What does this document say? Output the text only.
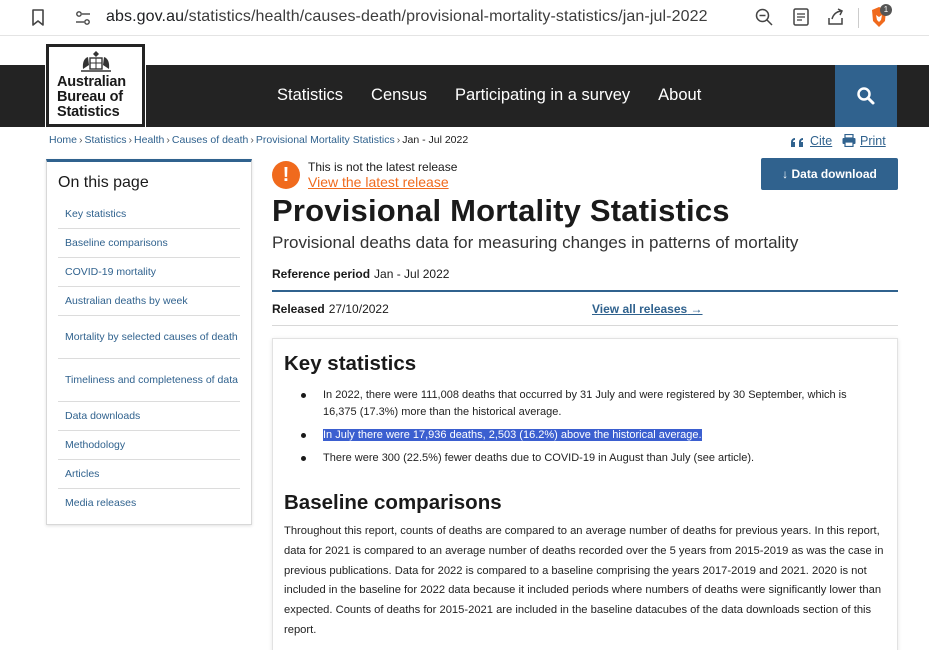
abs.gov.au/statistics/health/causes-death/provisional-mortality-statistics/jan-jul-2022	1
Australian
Bureau of
Statistics
Statistics Census Participating in a survey About
Home › Statistics › Health › Causes of death › Provisional Mortality Statistics › Jan - Jul 2022	Cite Print
On this page
Key statistics
Baseline comparisons
COVID-19 mortality
Australian deaths by week
Mortality by selected causes of death
Timeliness and completeness of data
Data downloads
Methodology
Articles
Media releases
!	This is not the latest release
View the latest release	↓ Data download
Provisional Mortality Statistics
Provisional deaths data for measuring changes in patterns of mortality
Reference period Jan - Jul 2022
Released 27/10/2022	View all releases →
Key statistics
In 2022, there were 111,008 deaths that occurred by 31 July and were registered by 30 September, which is 16,375 (17.3%) more than the historical average.
In July there were 17,936 deaths, 2,503 (16.2%) above the historical average.
There were 300 (22.5%) fewer deaths due to COVID-19 in August than July (see article).
Baseline comparisons

Throughout this report, counts of deaths are compared to an average number of deaths for previous years. In this report, data for 2021 is compared to an average number of deaths recorded over the 5 years from 2015-2019 as was the case in previous publications. Data for 2022 is compared to a baseline comprising the years 2017-2019 and 2021. 2020 is not included in the baseline for 2022 data because it included periods where numbers of deaths were significantly lower than expected. Counts of deaths for 2015-2021 are included in the baseline datacubes of the data downloads section of this report.
